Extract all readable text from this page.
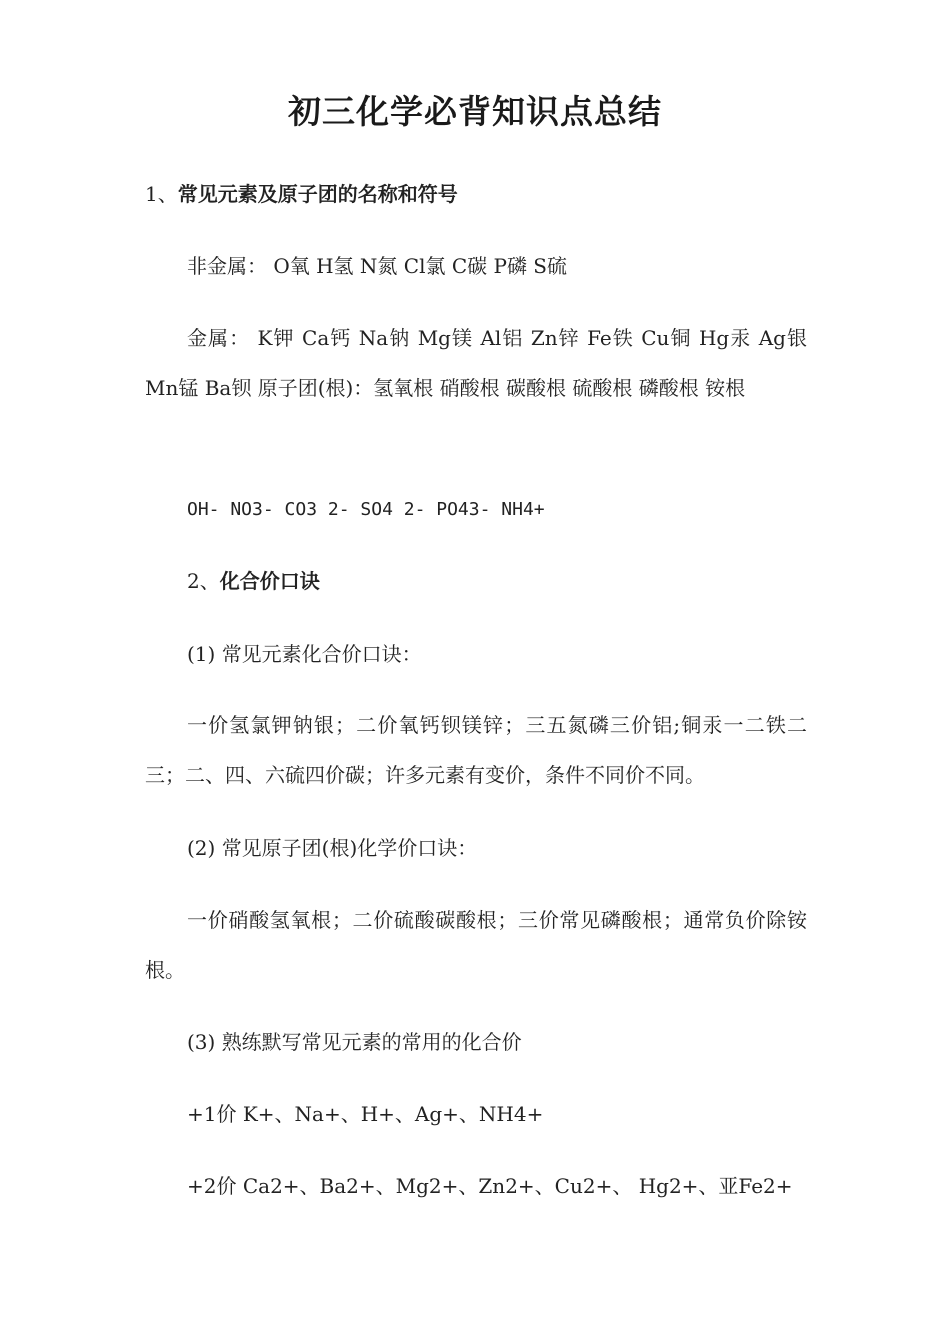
初三化学必背知识点总结
1、常见元素及原子团的名称和符号
非金属： O氧 H氢 N氮 Cl氯 C碳 P磷 S硫
金属： K钾 Ca钙 Na钠 Mg镁 Al铝 Zn锌 Fe铁 Cu铜 Hg汞 Ag银 Mn锰 Ba钡 原子团(根)：氢氧根 硝酸根 碳酸根 硫酸根 磷酸根 铵根
OH- NO3- CO3 2- SO4 2- PO43- NH4+
2、化合价口诀
(1) 常见元素化合价口诀：
一价氢氯钾钠银；二价氧钙钡镁锌；三五氮磷三价铝;铜汞一二铁二三；二、四、六硫四价碳；许多元素有变价，条件不同价不同。
(2) 常见原子团(根)化学价口诀：
一价硝酸氢氧根；二价硫酸碳酸根；三价常见磷酸根；通常负价除铵根。
(3) 熟练默写常见元素的常用的化合价
+1价 K+、Na+、H+、Ag+、NH4+
+2价 Ca2+、Ba2+、Mg2+、Zn2+、Cu2+、 Hg2+、亚Fe2+
